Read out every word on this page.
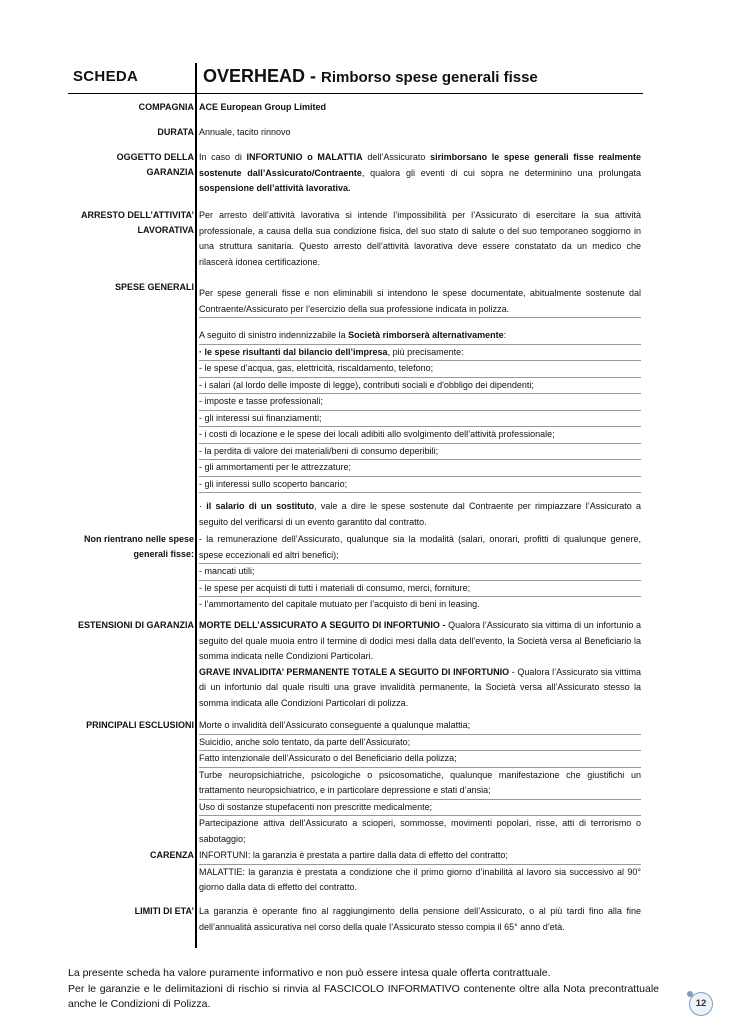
SCHEDA	OVERHEAD - Rimborso spese generali fisse
COMPAGNIA ACE European Group Limited

DURATA Annuale, tacito rinnovo

OGGETTO DELLA
GARANZIA

In caso di INFORTUNIO o MALATTIA dell’Assicurato sirimborsano le spese generali fisse realmente sostenute dall’Assicurato/Contraente, qualora gli eventi di cui sopra ne determinino una prolungata sospensione dell’attività lavorativa.

ARRESTO DELL’ATTIVITA’
LAVORATIVA

Per arresto dell’attività lavorativa si intende l’impossibilità per l’Assicurato di esercitare la sua attività professionale, a causa della sua condizione fisica, del suo stato di salute o del suo temporaneo soggiorno in una struttura sanitaria. Questo arresto dell’attività lavorativa deve essere constatato da un medico che rilascerà idonea certificazione.

SPESE GENERALI

Per spese generali fisse e non eliminabili si intendono le spese documentate, abitualmente sostenute dal Contraente/Assicurato per l’esercizio della sua professione indicata in polizza.

A seguito di sinistro indennizzabile la Società rimborserà alternativamente:

· le spese risultanti dal bilancio dell’impresa, più precisamente:

- le spese d’acqua, gas, elettricità, riscaldamento, telefono;

- i salari (al lordo delle imposte di legge), contributi sociali e d'obbligo dei dipendenti;

- imposte e tasse professionali;

- gli interessi sui finanziamenti;

- i costi di locazione e le spese dei locali adibiti allo svolgimento dell’attività professionale;

- la perdita di valore dei materiali/beni di consumo deperibili;

- gli ammortamenti per le attrezzature;

- gli interessi sullo scoperto bancario;

· il salario di un sostituto, vale a dire le spese sostenute dal Contraente per rimpiazzare l’Assicurato a seguito del verificarsi di un evento garantito dal contratto.

Non rientrano nelle spese
generali fisse:

- la remunerazione dell’Assicurato, qualunque sia la modalità (salari, onorari, profitti di qualunque genere, spese eccezionali ed altri benefici);

- mancati utili;

- le spese per acquisti di tutti i materiali di consumo, merci, forniture;

- l’ammortamento del capitale mutuato per l’acquisto di beni in leasing.

ESTENSIONI DI GARANZIA MORTE DELL’ASSICURATO A SEGUITO DI INFORTUNIO - Qualora l’Assicurato sia vittima di un infortunio a seguito del quale muoia entro il termine di dodici mesi dalla data dell’evento, la Società versa al Beneficiario la somma indicata nelle Condizioni Particolari.

GRAVE INVALIDITA’ PERMANENTE TOTALE A SEGUITO DI INFORTUNIO - Qualora l’Assicurato sia vittima di un infortunio dal quale risulti una grave invalidità permanente, la Società versa all’Assicurato stesso la somma indicata alle Condizioni Particolari di polizza.

PRINCIPALI ESCLUSIONI Morte o invalidità dell’Assicurato conseguente a qualunque malattia;

Suicidio, anche solo tentato, da parte dell’Assicurato;

Fatto intenzionale dell’Assicurato o del Beneficiario della polizza;

Turbe neuropsichiatriche, psicologiche o psicosomatiche, qualunque manifestazione che giustifichi un trattamento neuropsichiatrico, e in particolare depressione e stati d’ansia;

Uso di sostanze stupefacenti non prescritte medicalmente;

Partecipazione attiva dell’Assicurato a scioperi, sommosse, movimenti popolari, risse, atti di terrorismo o sabotaggio;

CARENZA INFORTUNI: la garanzia è prestata a partire dalla data di effetto del contratto;

MALATTIE: la garanzia è prestata a condizione che il primo giorno d’inabilità al lavoro sia successivo al 90° giorno dalla data di effetto del contratto.

LIMITI DI ETA’ La garanzia è operante fino al raggiungimento della pensione dell’Assicurato, o al più tardi fino alla fine dell’annualità assicurativa nel corso della quale l’Assicurato stesso compia il 65° anno d’età.

La presente scheda ha valore puramente informativo e non può essere intesa quale offerta contrattuale.

Per le garanzie e le delimitazioni di rischio si rinvia al FASCICOLO INFORMATIVO contenente oltre alla Nota precontrattuale anche le Condizioni di Polizza.	12
